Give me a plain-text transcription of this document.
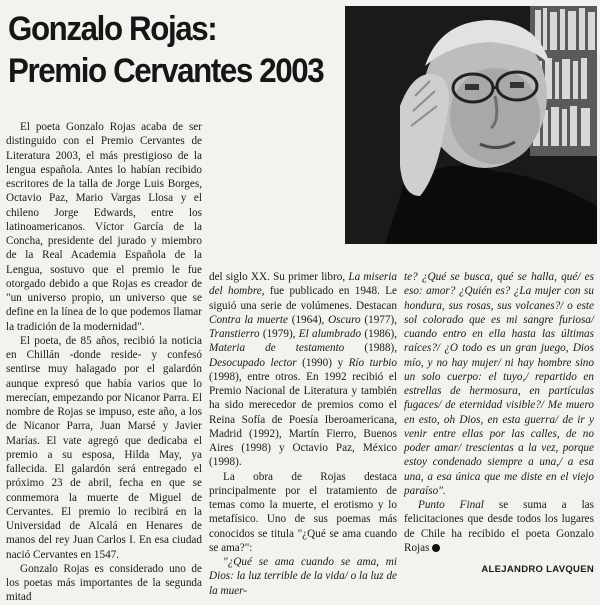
Gonzalo Rojas:
Premio Cervantes 2003

El poeta Gonzalo Rojas acaba de ser distinguido con el Premio Cervantes de Literatura 2003, el más prestigioso de la lengua española. Antes lo habían recibido escritores de la talla de Jorge Luis Borges, Octavio Paz, Mario Vargas Llosa y el chileno Jorge Edwards, entre los latinoamericanos. Víctor García de la Concha, presidente del jurado y miembro de la Real Academia Española de la Lengua, sostuvo que el premio le fue otorgado debido a que Rojas es creador de "un universo propio, un universo que se define en la línea de lo que podemos llamar la tradición de la modernidad".

El poeta, de 85 años, recibió la noticia en Chillán -donde reside- y confesó sentirse muy halagado por el galardón aunque expresó que había varios que lo merecían, empezando por Nicanor Parra. El nombre de Rojas se impuso, este año, a los de Nicanor Parra, Juan Marsé y Javier Marías. El vate agregó que dedicaba el premio a su esposa, Hilda May, ya fallecida. El galardón será entregado el próximo 23 de abril, fecha en que se conmemora la muerte de Miguel de Cervantes. El premio lo recibirá en la Universidad de Alcalá en Henares de manos del rey Juan Carlos I. En esa ciudad nació Cervantes en 1547.

Gonzalo Rojas es considerado uno de los poetas más importantes de la segunda mitad

del siglo XX. Su primer libro, La miseria del hombre, fue publicado en 1948. Le siguió una serie de volúmenes. Destacan Contra la muerte (1964), Oscuro (1977), Transtierro (1979), El alumbrado (1986), Materia de testamento (1988), Desocupado lector (1990) y Río turbio (1998), entre otros. En 1992 recibió el Premio Nacional de Literatura y también ha sido merecedor de premios como el Reina Sofía de Poesía Iberoamericana, Madrid (1992), Martín Fierro, Buenos Aires (1998) y Octavio Paz, México (1998).

La obra de Rojas destaca principalmente por el tratamiento de temas como la muerte, el erotismo y lo metafísico. Uno de sus poemas más conocidos se titula "¿Qué se ama cuando se ama?":

"¿Qué se ama cuando se ama, mi Dios: la luz terrible de la vida/ o la luz de la muer-

te? ¿Qué se busca, qué se halla, qué/ es eso: amor? ¿Quién es? ¿La mujer con su hondura, sus rosas, sus volcanes?/ o este sol colorado que es mi sangre furiosa/ cuando entro en ella hasta las últimas raíces?/ ¿O todo es un gran juego, Dios mío, y no hay mujer/ ni hay hombre sino un solo cuerpo: el tuyo,/ repartido en estrellas de hermosura, en partículas fugaces/ de eternidad visible?/ Me muero en esto, oh Dios, en esta guerra/ de ir y venir entre ellas por las calles, de no poder amar/ trescientas a la vez, porque estoy condenado siempre a una,/ a esa una, a esa única que me diste en el viejo paraíso".

Punto Final se suma a las felicitaciones que desde todos los lugares de Chile ha recibido el poeta Gonzalo Rojas

ALEJANDRO LAVQUEN
